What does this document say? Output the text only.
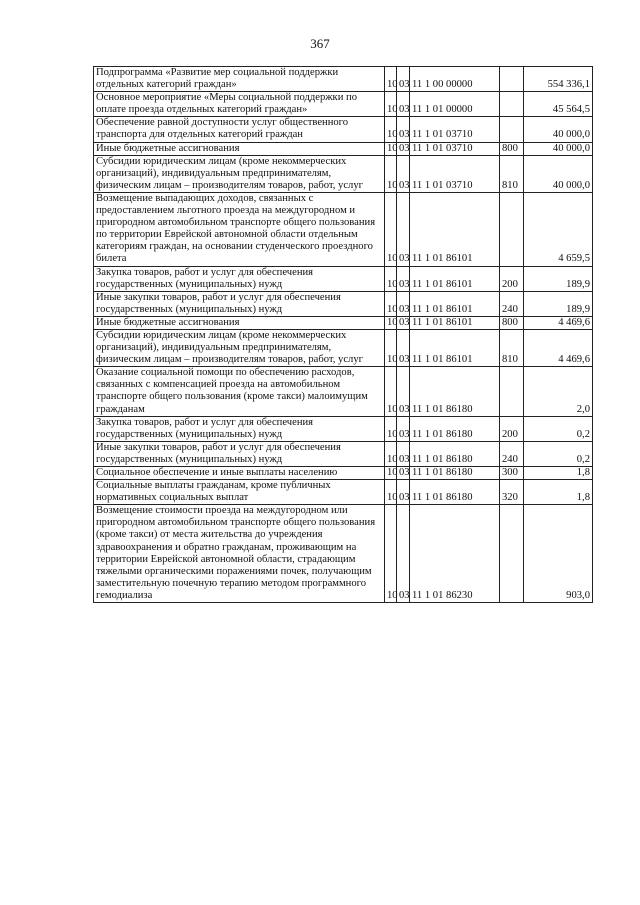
367
Подпрограмма «Развитие мер социальной поддержки отдельных категорий граждан»	10	03	11 1 00 00000		554 336,1
Основное мероприятие «Меры социальной поддержки по оплате проезда отдельных категорий граждан»	10	03	11 1 01 00000		45 564,5
Обеспечение равной доступности услуг общественного транспорта для отдельных категорий граждан	10	03	11 1 01 03710		40 000,0
Иные бюджетные ассигнования	10	03	11 1 01 03710	800	40 000,0
Субсидии юридическим лицам (кроме некоммерческих организаций), индивидуальным предпринимателям, физическим лицам – производителям товаров, работ, услуг	10	03	11 1 01 03710	810	40 000,0
Возмещение выпадающих доходов, связанных с предоставлением льготного проезда на междугородном и пригородном автомобильном транспорте общего пользования по территории Еврейской автономной области отдельным категориям граждан, на основании студенческого проездного билета	10	03	11 1 01 86101		4 659,5
Закупка товаров, работ и услуг для обеспечения государственных (муниципальных) нужд	10	03	11 1 01 86101	200	189,9
Иные закупки товаров, работ и услуг для обеспечения государственных (муниципальных) нужд	10	03	11 1 01 86101	240	189,9
Иные бюджетные ассигнования	10	03	11 1 01 86101	800	4 469,6
Субсидии юридическим лицам (кроме некоммерческих организаций), индивидуальным предпринимателям, физическим лицам – производителям товаров, работ, услуг	10	03	11 1 01 86101	810	4 469,6
Оказание социальной помощи по обеспечению расходов, связанных с компенсацией проезда на автомобильном транспорте общего пользования (кроме такси) малоимущим гражданам	10	03	11 1 01 86180		2,0
Закупка товаров, работ и услуг для обеспечения государственных (муниципальных) нужд	10	03	11 1 01 86180	200	0,2
Иные закупки товаров, работ и услуг для обеспечения государственных (муниципальных) нужд	10	03	11 1 01 86180	240	0,2
Социальное обеспечение и иные выплаты населению	10	03	11 1 01 86180	300	1,8
Социальные выплаты гражданам, кроме публичных нормативных социальных выплат	10	03	11 1 01 86180	320	1,8
Возмещение стоимости проезда на междугородном или пригородном автомобильном транспорте общего пользования (кроме такси) от места жительства до учреждения здравоохранения и обратно гражданам, проживающим на территории Еврейской автономной области, страдающим тяжелыми органическими поражениями почек, получающим заместительную почечную терапию методом программного гемодиализа	10	03	11 1 01 86230		903,0
